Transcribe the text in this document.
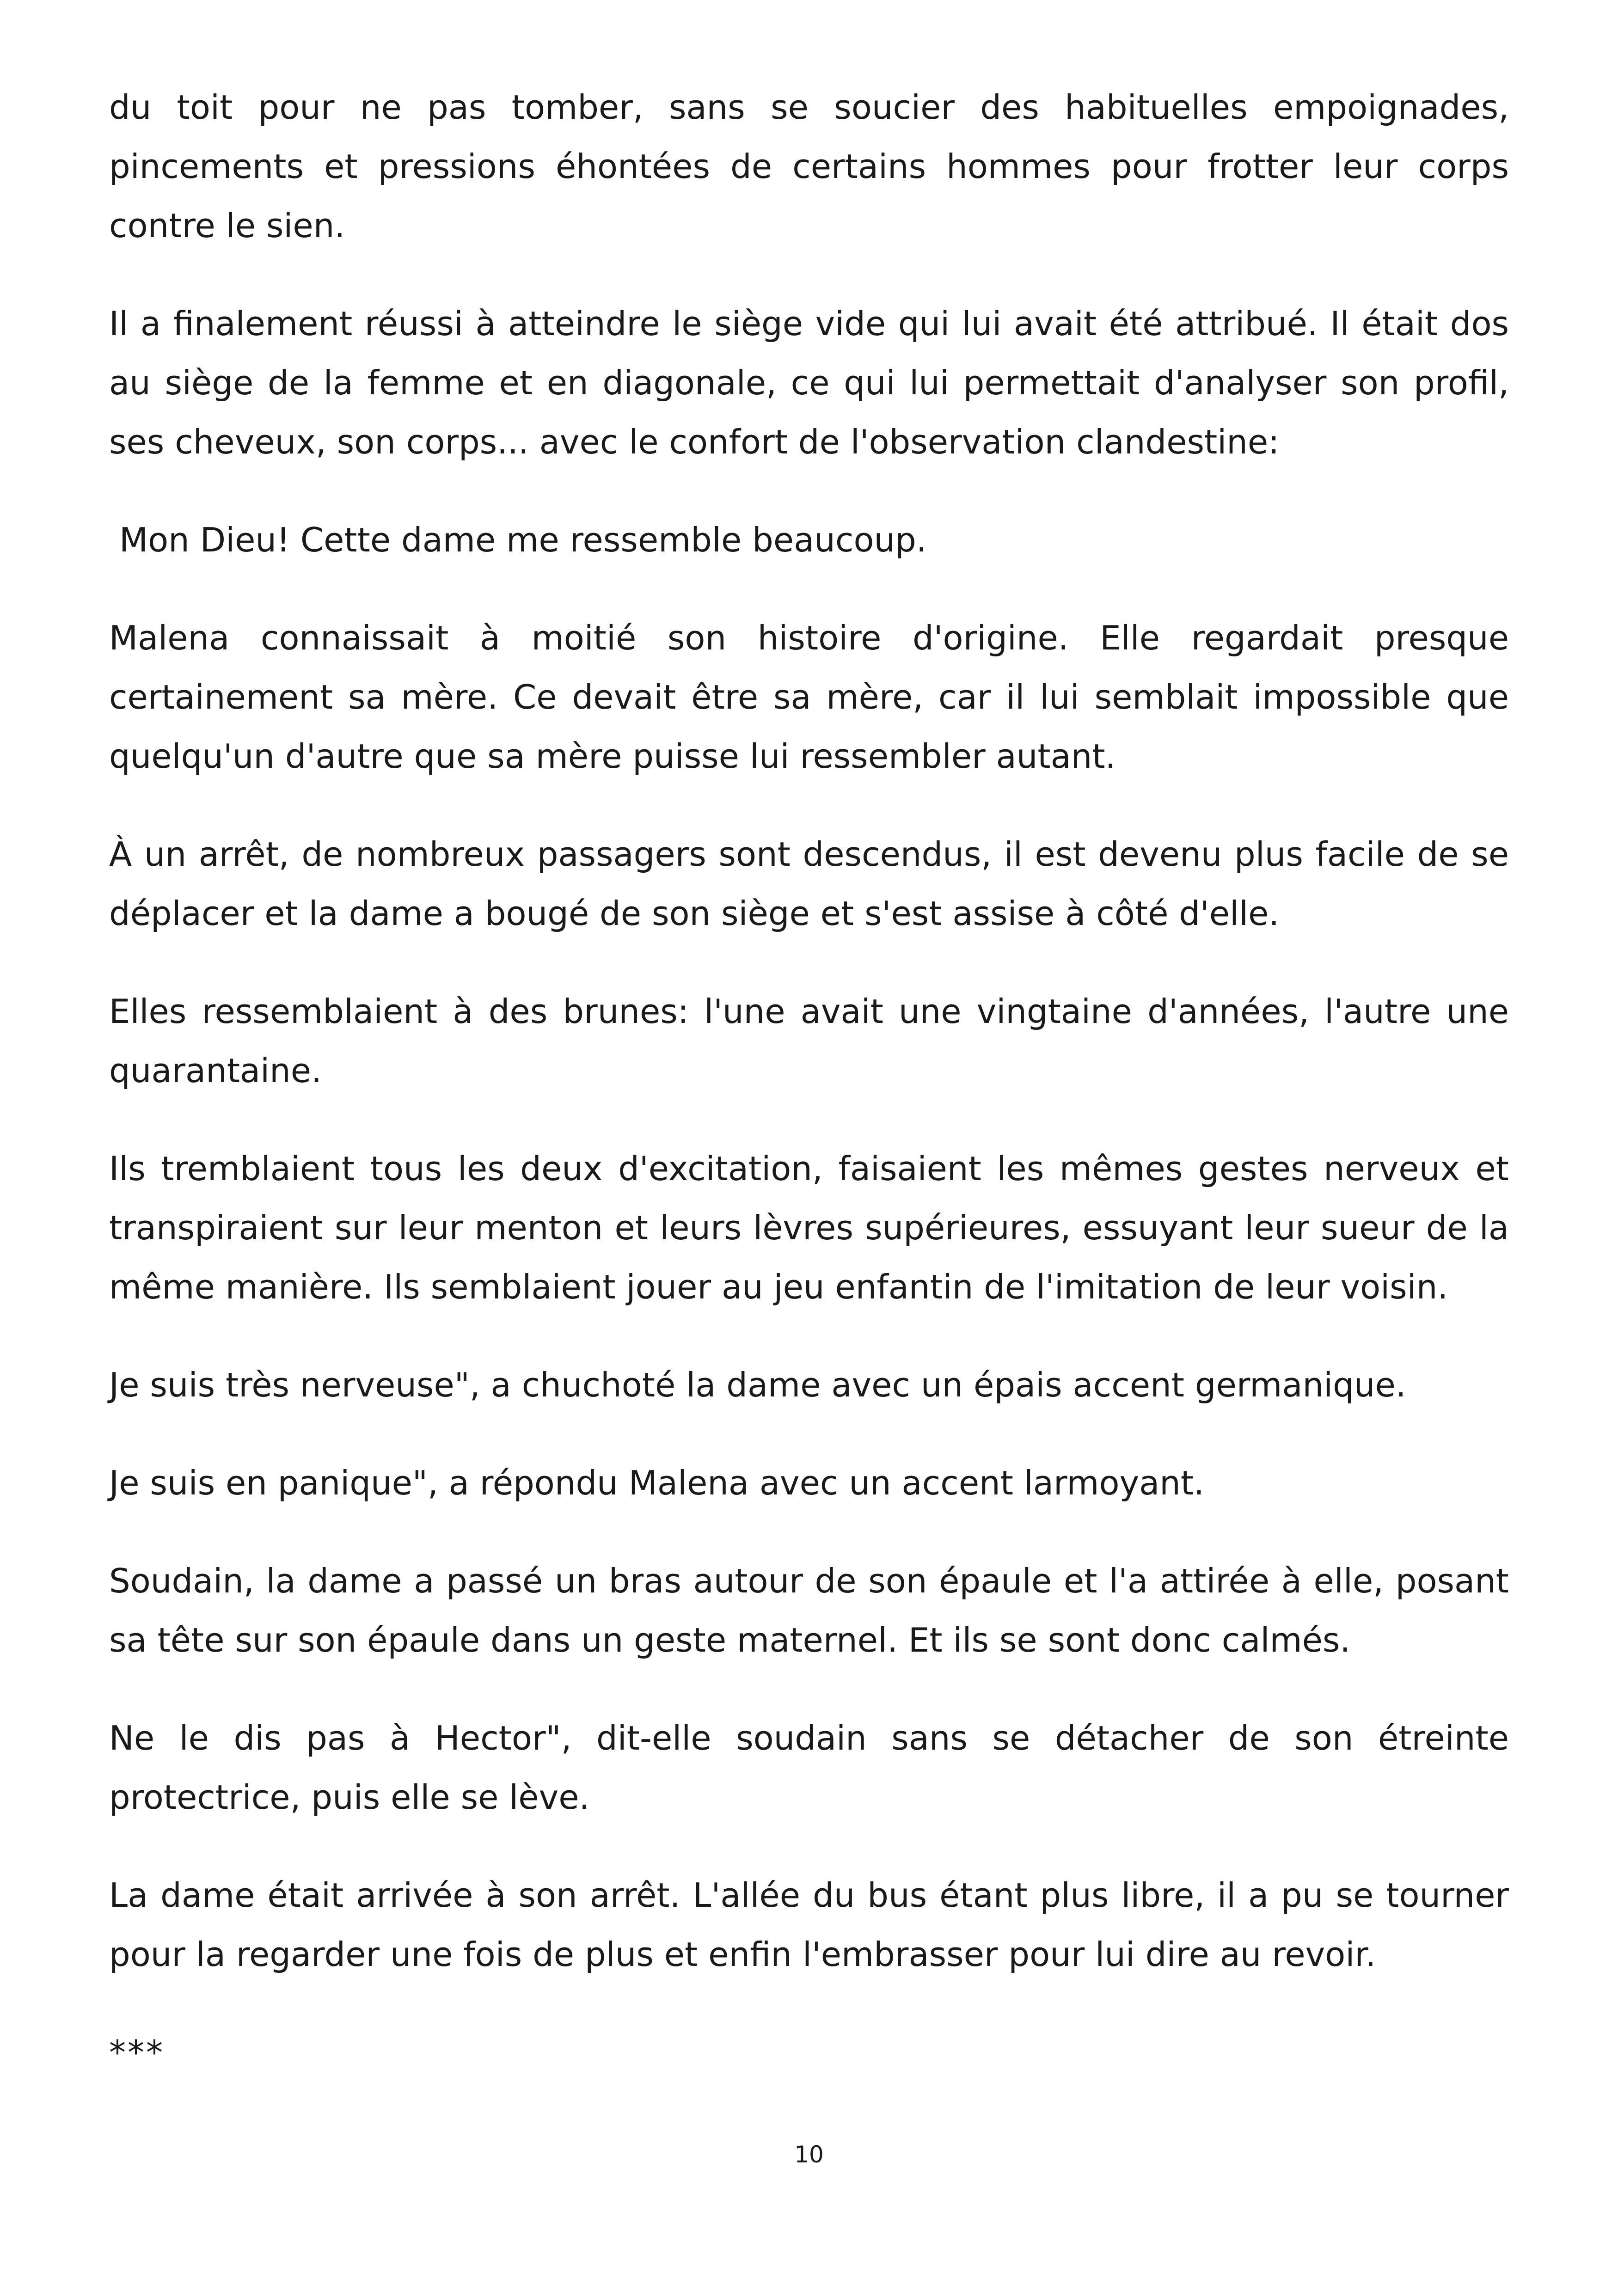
du toit pour ne pas tomber, sans se soucier des habituelles empoignades, pincements et pressions éhontées de certains hommes pour frotter leur corps contre le sien.

Il a finalement réussi à atteindre le siège vide qui lui avait été attribué. Il était dos au siège de la femme et en diagonale, ce qui lui permettait d'analyser son profil, ses cheveux, son corps... avec le confort de l'observation clandestine:

Mon Dieu! Cette dame me ressemble beaucoup.

Malena connaissait à moitié son histoire d'origine. Elle regardait presque certainement sa mère. Ce devait être sa mère, car il lui semblait impossible que quelqu'un d'autre que sa mère puisse lui ressembler autant.

À un arrêt, de nombreux passagers sont descendus, il est devenu plus facile de se déplacer et la dame a bougé de son siège et s'est assise à côté d'elle.

Elles ressemblaient à des brunes: l'une avait une vingtaine d'années, l'autre une quarantaine.

Ils tremblaient tous les deux d'excitation, faisaient les mêmes gestes nerveux et transpiraient sur leur menton et leurs lèvres supérieures, essuyant leur sueur de la même manière. Ils semblaient jouer au jeu enfantin de l'imitation de leur voisin.

Je suis très nerveuse", a chuchoté la dame avec un épais accent germanique.

Je suis en panique", a répondu Malena avec un accent larmoyant.

Soudain, la dame a passé un bras autour de son épaule et l'a attirée à elle, posant sa tête sur son épaule dans un geste maternel. Et ils se sont donc calmés.

Ne le dis pas à Hector", dit-elle soudain sans se détacher de son étreinte protectrice, puis elle se lève.

La dame était arrivée à son arrêt. L'allée du bus étant plus libre, il a pu se tourner pour la regarder une fois de plus et enfin l'embrasser pour lui dire au revoir.

***

10
